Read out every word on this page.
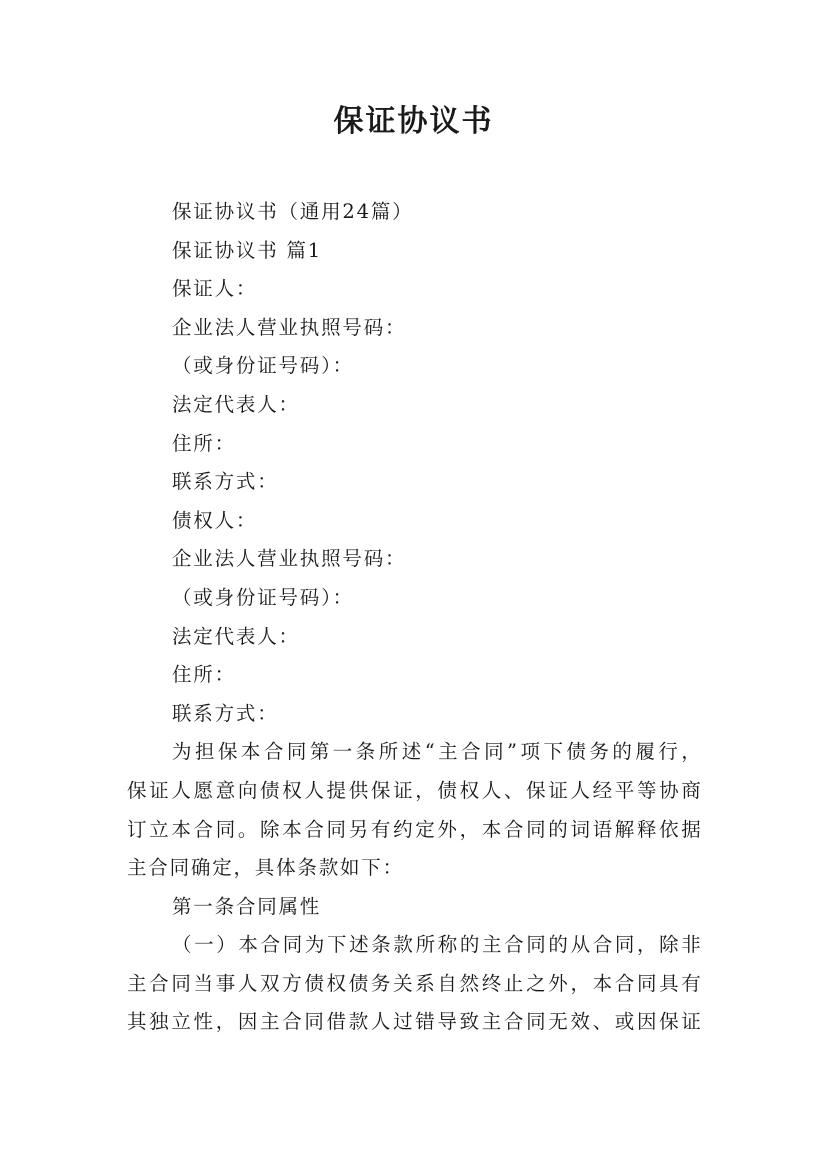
保证协议书
保证协议书（通用24篇）
保证协议书 篇1
保证人：
企业法人营业执照号码：
（或身份证号码）：
法定代表人：
住所：
联系方式：
债权人：
企业法人营业执照号码：
（或身份证号码）：
法定代表人：
住所：
联系方式：
为担保本合同第一条所述“主合同”项下债务的履行，
保证人愿意向债权人提供保证，债权人、保证人经平等协商
订立本合同。除本合同另有约定外，本合同的词语解释依据
主合同确定，具体条款如下：
第一条合同属性
（一）本合同为下述条款所称的主合同的从合同，除非
主合同当事人双方债权债务关系自然终止之外，本合同具有
其独立性，因主合同借款人过错导致主合同无效、或因保证
